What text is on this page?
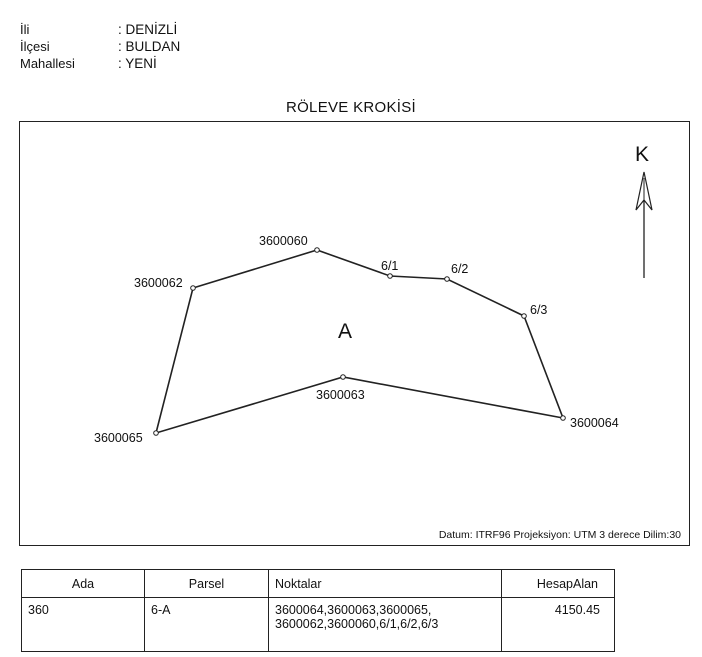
İli	: DENİZLİ
İlçesi	: BULDAN
Mahallesi	: YENİ
RÖLEVE KROKİSİ
3600060
3600062
6/1	6/2
6/3
3600063
3600064
3600065
A
K
Datum: ITRF96 Projeksiyon: UTM 3 derece Dilim:30
Ada	Parsel	Noktalar	HesapAlan
360	6-A	3600064,3600063,3600065,
3600062,3600060,6/1,6/2,6/3	4150.45
